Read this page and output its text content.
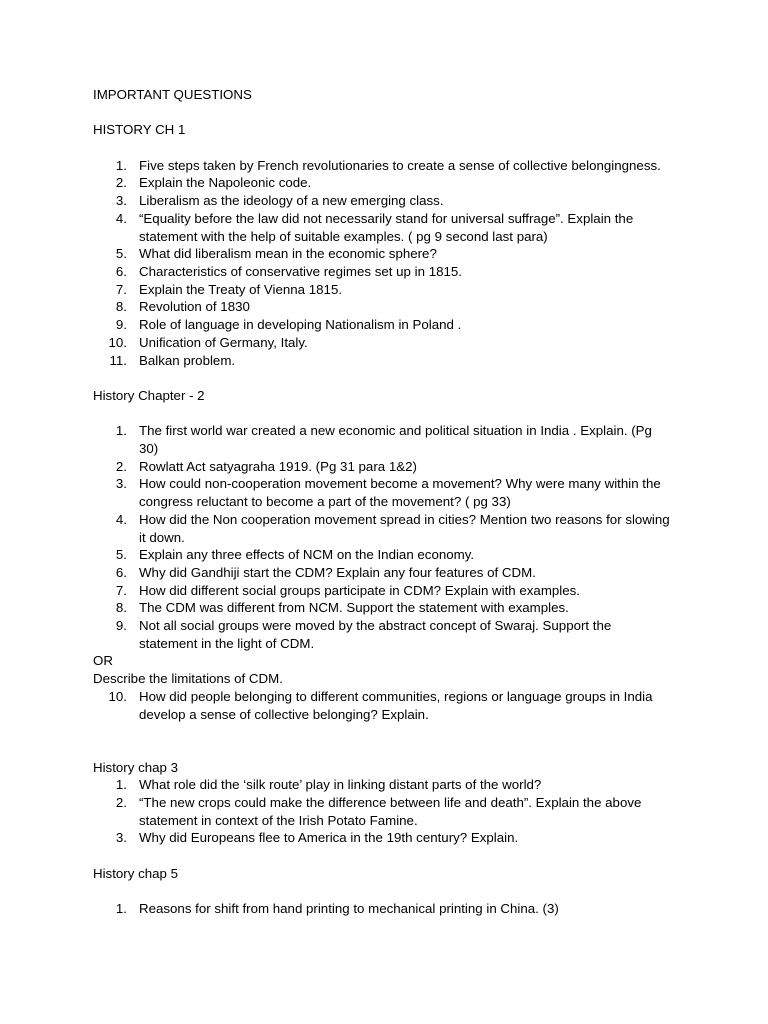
IMPORTANT QUESTIONS

HISTORY CH 1

1. Five steps taken by French revolutionaries to create a sense of collective belongingness.
2. Explain the Napoleonic code.
3. Liberalism as the ideology of a new emerging class.
4. “Equality before the law did not necessarily stand for universal suffrage”. Explain the statement with the help of suitable examples. ( pg 9 second last para)
5. What did liberalism mean in the economic sphere?
6. Characteristics of conservative regimes set up in 1815.
7. Explain the Treaty of Vienna 1815.
8. Revolution of 1830
9. Role of language in developing Nationalism in Poland .
10. Unification of Germany, Italy.
11. Balkan problem.

History Chapter - 2

1. The first world war created a new economic and political situation in India . Explain. (Pg 30)
2. Rowlatt Act satyagraha 1919. (Pg 31 para 1&2)
3. How could non-cooperation movement become a movement? Why were many within the congress reluctant to become a part of the movement? ( pg 33)
4. How did the Non cooperation movement spread in cities? Mention two reasons for slowing it down.
5. Explain any three effects of NCM on the Indian economy.
6. Why did Gandhiji start the CDM? Explain any four features of CDM.
7. How did different social groups participate in CDM? Explain with examples.
8. The CDM was different from NCM. Support the statement with examples.
9. Not all social groups were moved by the abstract concept of Swaraj. Support the statement in the light of CDM.

OR

Describe the limitations of CDM.

10. How did people belonging to different communities, regions or language groups in India develop a sense of collective belonging? Explain.

History chap 3

1. What role did the ‘silk route’ play in linking distant parts of the world?
2. “The new crops could make the difference between life and death”. Explain the above statement in context of the Irish Potato Famine.
3. Why did Europeans flee to America in the 19th century? Explain.

History chap 5

1. Reasons for shift from hand printing to mechanical printing in China. (3)
